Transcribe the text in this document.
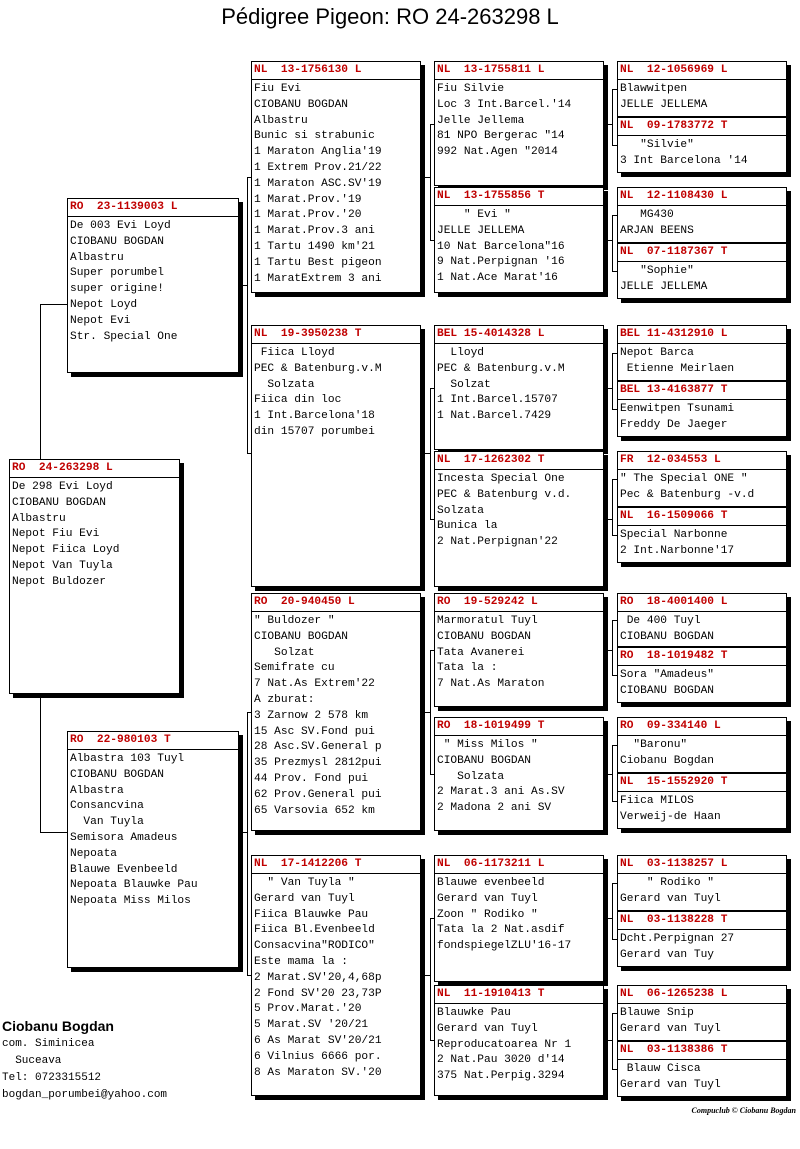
Pédigree Pigeon: RO 24-263298 L
RO  24-263298 L
De 298 Evi Loyd
CIOBANU BOGDAN
Albastru
Nepot Fiu Evi
Nepot Fiica Loyd
Nepot Van Tuyla
Nepot Buldozer
RO  23-1139003 L
De 003 Evi Loyd
CIOBANU BOGDAN
Albastru
Super porumbel
super origine!
Nepot Loyd
Nepot Evi
Str. Special One
RO  22-980103 T
Albastra 103 Tuyl
CIOBANU BOGDAN
Albastra
Consancvina
Van Tuyla
Semisora Amadeus
Nepoata
Blauwe Evenbeeld
Nepoata Blauwke Pau
Nepoata Miss Milos
NL  13-1756130 L
Fiu Evi
CIOBANU BOGDAN
Albastru
Bunic si strabunic
1 Maraton Anglia'19
1 Extrem Prov.21/22
1 Maraton ASC.SV'19
1 Marat.Prov.'19
1 Marat.Prov.'20
1 Marat.Prov.3 ani
1 Tartu 1490 km'21
1 Tartu Best pigeon
1 MaratExtrem 3 ani
NL  19-3950238 T
Fiica Lloyd
PEC & Batenburg.v.M
Solzata
Fiica din loc
1 Int.Barcelona'18
din 15707 porumbei
RO  20-940450 L
" Buldozer "
CIOBANU BOGDAN
Solzat
Semifrate cu
7 Nat.As Extrem'22
A zburat:
3 Zarnow 2 578 km
15 Asc SV.Fond pui
28 Asc.SV.General p
35 Prezmysl 2812pui
44 Prov. Fond pui
62 Prov.General pui
65 Varsovia 652 km
NL  17-1412206 T
" Van Tuyla "
Gerard van Tuyl
Fiica Blauwke Pau
Fiica Bl.Evenbeeld
Consacvina"RODICO"
Este mama la :
2 Marat.SV'20,4,68p
2 Fond SV'20 23,73P
5 Prov.Marat.'20
5 Marat.SV '20/21
6 As Marat SV'20/21
6 Vilnius 6666 por.
8 As Maraton SV.'20
NL  13-1755811 L
Fiu Silvie
Loc 3 Int.Barcel.'14
Jelle Jellema
81 NPO Bergerac "14
992 Nat.Agen "2014
NL  13-1755856 T
" Evi "
JELLE JELLEMA
10 Nat Barcelona"16
9 Nat.Perpignan '16
1 Nat.Ace Marat'16
BEL 15-4014328 L
Lloyd
PEC & Batenburg.v.M
Solzat
1 Int.Barcel.15707
1 Nat.Barcel.7429
NL  17-1262302 T
Incesta Special One
PEC & Batenburg v.d.
Solzata
Bunica la
2 Nat.Perpignan'22
RO  19-529242 L
Marmoratul Tuyl
CIOBANU BOGDAN
Tata Avanerei
Tata la :
7 Nat.As Maraton
RO  18-1019499 T
" Miss Milos "
CIOBANU BOGDAN
Solzata
2 Marat.3 ani As.SV
2 Madona 2 ani SV
NL  06-1173211 L
Blauwe evenbeeld
Gerard van Tuyl
Zoon " Rodiko "
Tata la 2 Nat.asdif
fondspiegelZLU'16-17
NL  11-1910413 T
Blauwke Pau
Gerard van Tuyl
Reproducatoarea Nr 1
2 Nat.Pau 3020 d'14
375 Nat.Perpig.3294
NL  12-1056969 L
Blawwitpen
JELLE JELLEMA
NL  09-1783772 T
"Silvie"
3 Int Barcelona '14
NL  12-1108430 L
MG430
ARJAN BEENS
NL  07-1187367 T
"Sophie"
JELLE JELLEMA
BEL 11-4312910 L
Nepot Barca
Etienne Meirlaen
BEL 13-4163877 T
Eenwitpen Tsunami
Freddy De Jaeger
FR  12-034553 L
" The Special ONE "
Pec & Batenburg -v.d
NL  16-1509066 T
Special Narbonne
2 Int.Narbonne'17
RO  18-4001400 L
De 400 Tuyl
CIOBANU BOGDAN
RO  18-1019482 T
Sora "Amadeus"
CIOBANU BOGDAN
RO  09-334140 L
"Baronu"
Ciobanu Bogdan
NL  15-1552920 T
Fiica MILOS
Verweij-de Haan
NL  03-1138257 L
" Rodiko "
Gerard van Tuyl
NL  03-1138228 T
Dcht.Perpignan 27
Gerard van Tuy
NL  06-1265238 L
Blauwe Snip
Gerard van Tuyl
NL  03-1138386 T
Blauw Cisca
Gerard van Tuyl
Ciobanu Bogdan
com. Siminicea
Suceava
Tel: 0723315512
bogdan_porumbei@yahoo.com
Compuclub © Ciobanu Bogdan
